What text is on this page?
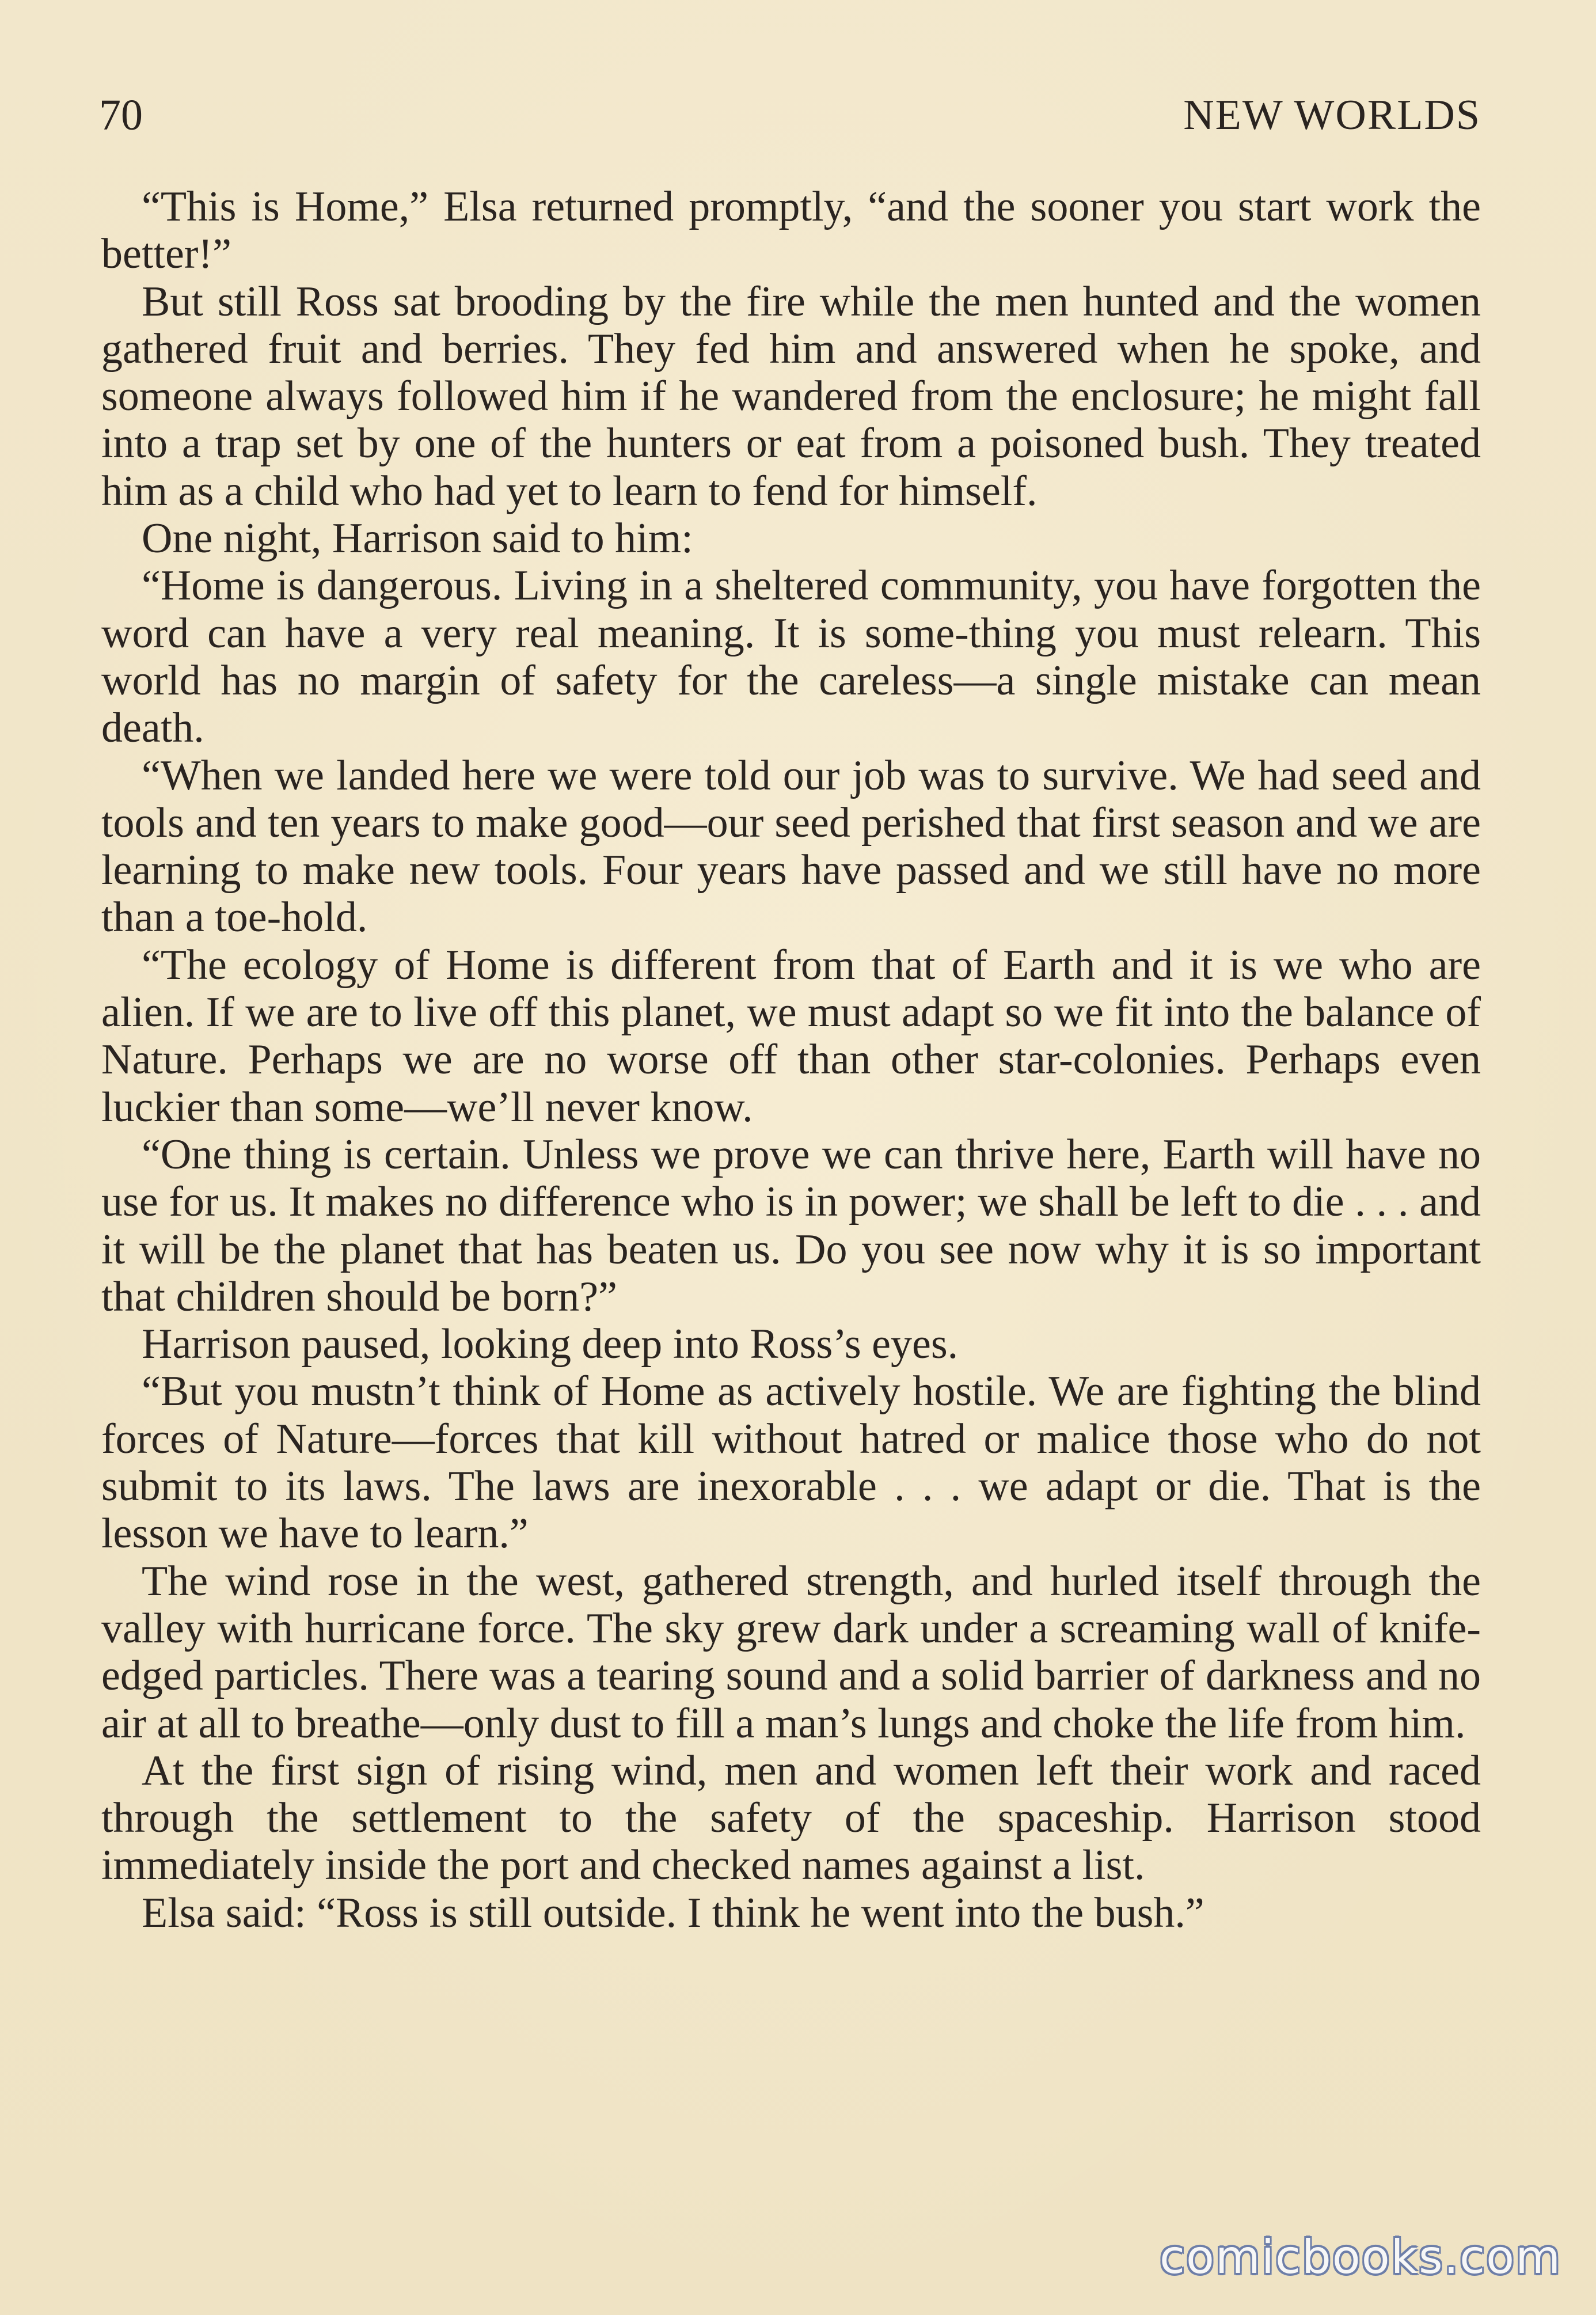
70	NEW WORLDS

“This is Home,” Elsa returned promptly, “and the sooner you start work the better!”

But still Ross sat brooding by the fire while the men hunted and the women gathered fruit and berries. They fed him and answered when he spoke, and someone always followed him if he wandered from the enclosure; he might fall into a trap set by one of the hunters or eat from a poisoned bush. They treated him as a child who had yet to learn to fend for himself.

One night, Harrison said to him:

“Home is dangerous. Living in a sheltered community, you have forgotten the word can have a very real meaning. It is some-thing you must relearn. This world has no margin of safety for the careless—a single mistake can mean death.

“When we landed here we were told our job was to survive. We had seed and tools and ten years to make good—our seed perished that first season and we are learning to make new tools. Four years have passed and we still have no more than a toe-hold.

“The ecology of Home is different from that of Earth and it is we who are alien. If we are to live off this planet, we must adapt so we fit into the balance of Nature. Perhaps we are no worse off than other star-colonies. Perhaps even luckier than some—we’ll never know.

“One thing is certain. Unless we prove we can thrive here, Earth will have no use for us. It makes no difference who is in power; we shall be left to die . . . and it will be the planet that has beaten us. Do you see now why it is so important that children should be born?”

Harrison paused, looking deep into Ross’s eyes.

“But you mustn’t think of Home as actively hostile. We are fighting the blind forces of Nature—forces that kill without hatred or malice those who do not submit to its laws. The laws are inexorable . . . we adapt or die. That is the lesson we have to learn.”

The wind rose in the west, gathered strength, and hurled itself through the valley with hurricane force. The sky grew dark under a screaming wall of knife-edged particles. There was a tearing sound and a solid barrier of darkness and no air at all to breathe—only dust to fill a man’s lungs and choke the life from him.

At the first sign of rising wind, men and women left their work and raced through the settlement to the safety of the spaceship. Harrison stood immediately inside the port and checked names against a list.

Elsa said: “Ross is still outside. I think he went into the bush.”

comicbooks.com
